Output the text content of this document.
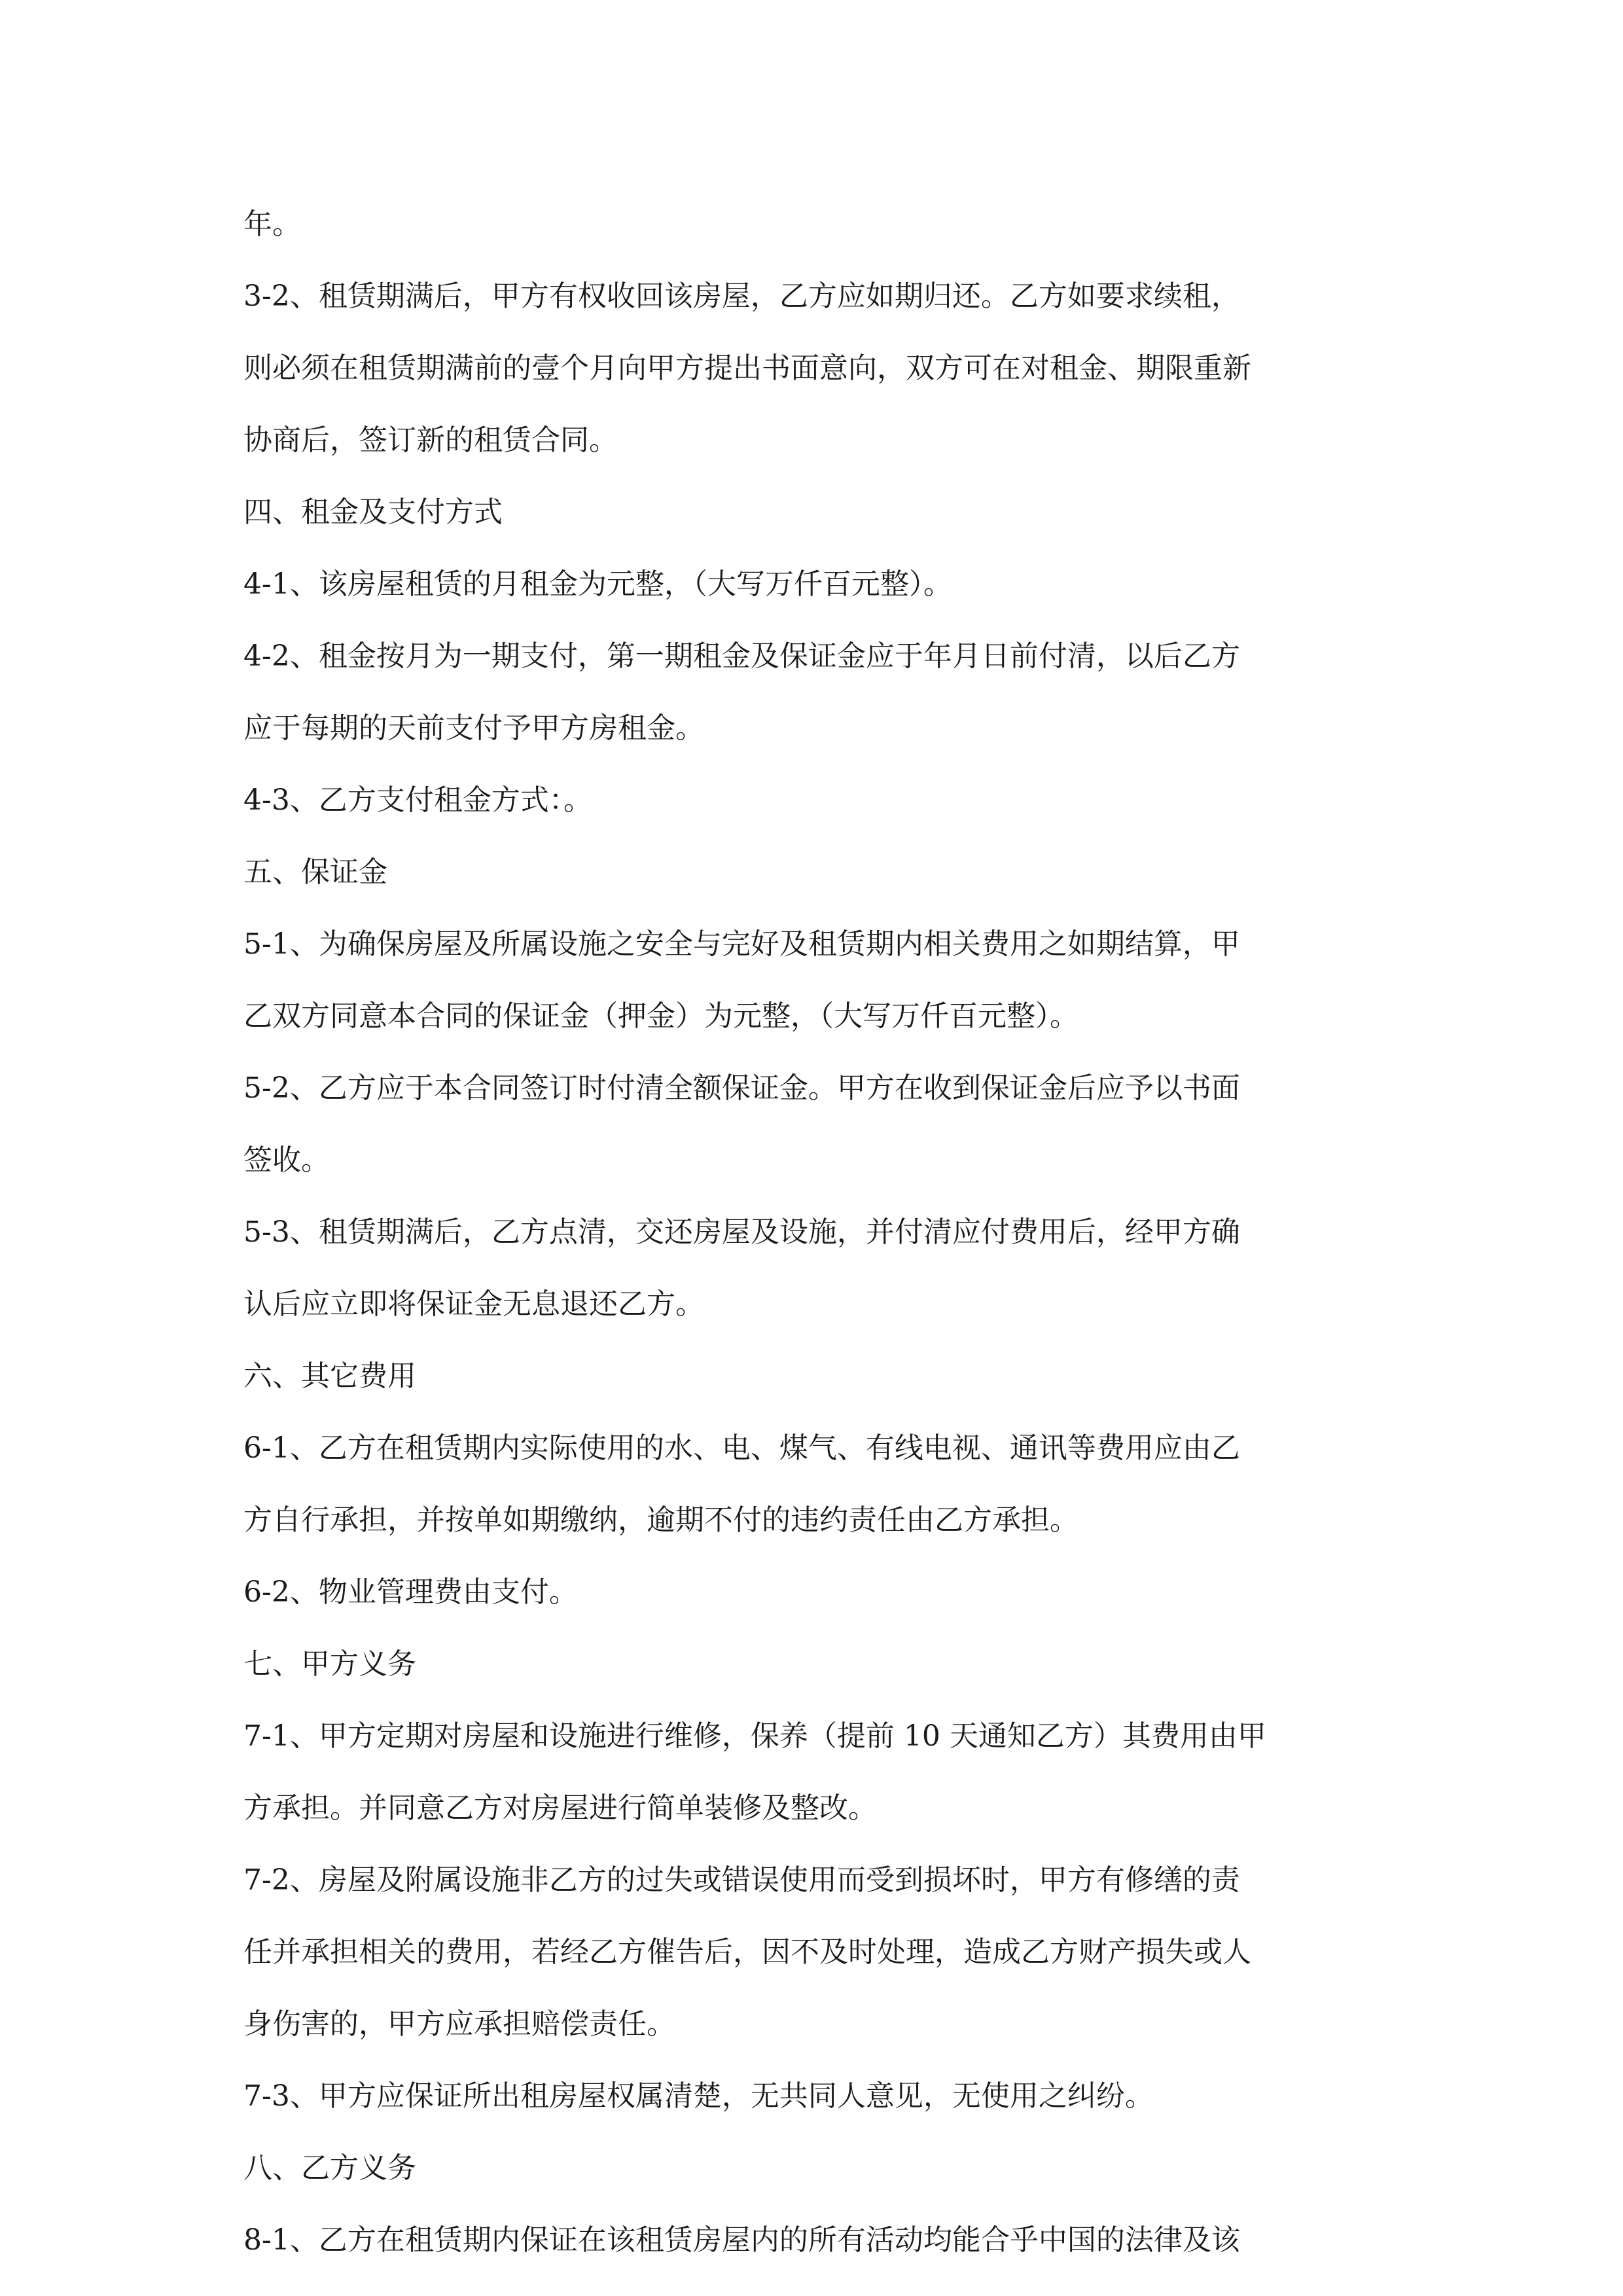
年。
3-2、租赁期满后，甲方有权收回该房屋，乙方应如期归还。乙方如要求续租，
则必须在租赁期满前的壹个月向甲方提出书面意向，双方可在对租金、期限重新
协商后，签订新的租赁合同。
四、租金及支付方式
4-1、该房屋租赁的月租金为元整，（大写万仟百元整）。
4-2、租金按月为一期支付，第一期租金及保证金应于年月日前付清，以后乙方
应于每期的天前支付予甲方房租金。
4-3、乙方支付租金方式：。
五、保证金
5-1、为确保房屋及所属设施之安全与完好及租赁期内相关费用之如期结算，甲
乙双方同意本合同的保证金（押金）为元整，（大写万仟百元整）。
5-2、乙方应于本合同签订时付清全额保证金。甲方在收到保证金后应予以书面
签收。
5-3、租赁期满后，乙方点清，交还房屋及设施，并付清应付费用后，经甲方确
认后应立即将保证金无息退还乙方。
六、其它费用
6-1、乙方在租赁期内实际使用的水、电、煤气、有线电视、通讯等费用应由乙
方自行承担，并按单如期缴纳，逾期不付的违约责任由乙方承担。
6-2、物业管理费由支付。
七、甲方义务
7-1、甲方定期对房屋和设施进行维修，保养（提前 10 天通知乙方）其费用由甲
方承担。并同意乙方对房屋进行简单装修及整改。
7-2、房屋及附属设施非乙方的过失或错误使用而受到损坏时，甲方有修缮的责
任并承担相关的费用，若经乙方催告后，因不及时处理，造成乙方财产损失或人
身伤害的，甲方应承担赔偿责任。
7-3、甲方应保证所出租房屋权属清楚，无共同人意见，无使用之纠纷。
八、乙方义务
8-1、乙方在租赁期内保证在该租赁房屋内的所有活动均能合乎中国的法律及该
